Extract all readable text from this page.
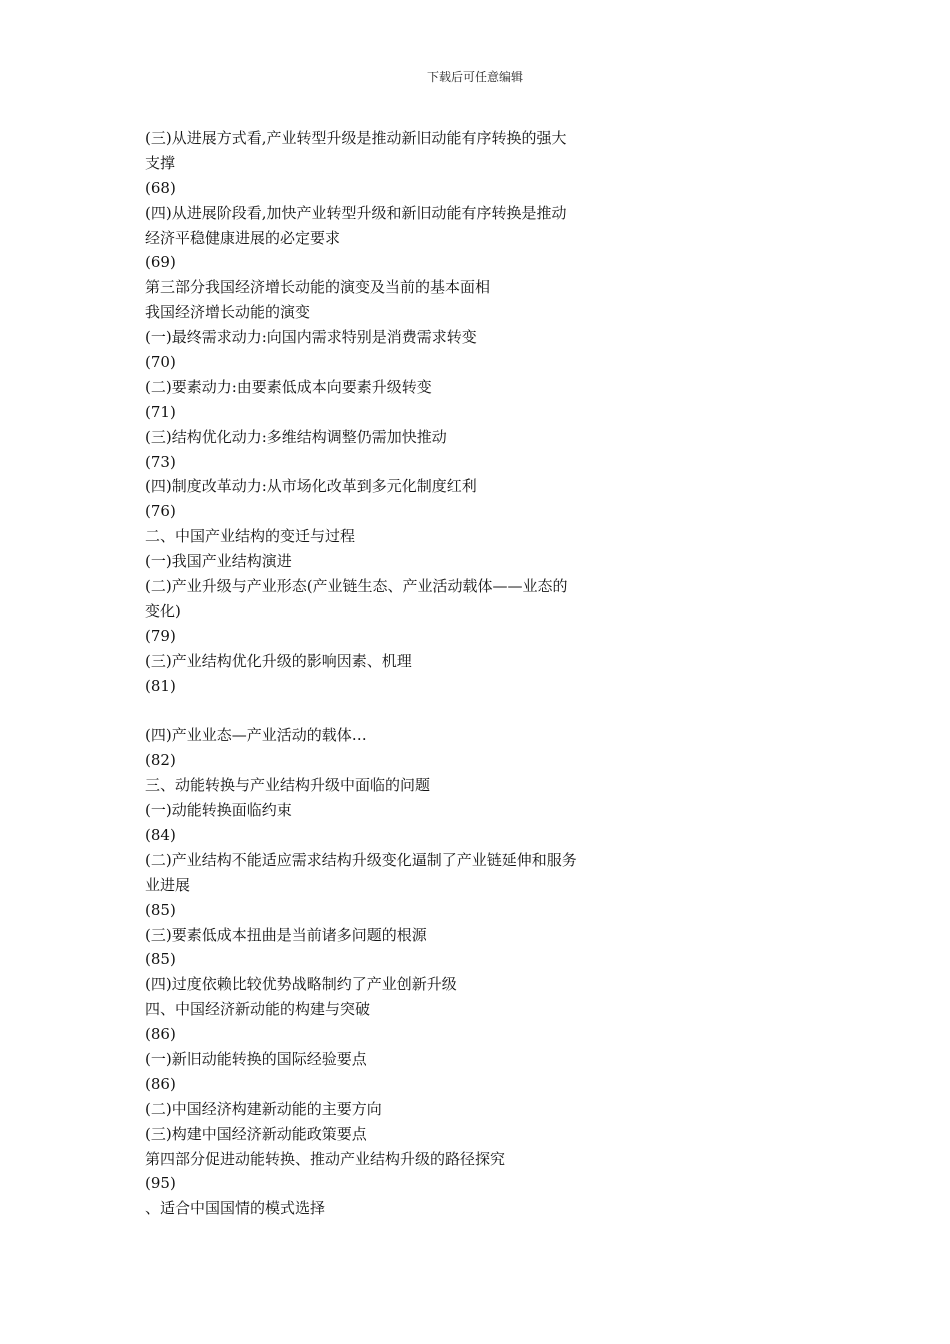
下载后可任意编辑
(三)从进展方式看,产业转型升级是推动新旧动能有序转换的强大
支撑
(68)
(四)从进展阶段看,加快产业转型升级和新旧动能有序转换是推动
经济平稳健康进展的必定要求
(69)
第三部分我国经济增长动能的演变及当前的基本面相
我国经济增长动能的演变
(一)最终需求动力:向国内需求特别是消费需求转变
(70)
(二)要素动力:由要素低成本向要素升级转变
(71)
(三)结构优化动力:多维结构调整仍需加快推动
(73)
(四)制度改革动力:从市场化改革到多元化制度红利
(76)
二、中国产业结构的变迁与过程
(一)我国产业结构演进
(二)产业升级与产业形态(产业链生态、产业活动载体——业态的
变化)
(79)
(三)产业结构优化升级的影响因素、机理
(81)
(四)产业业态—产业活动的载体…
(82)
三、动能转换与产业结构升级中面临的问题
(一)动能转换面临约束
(84)
(二)产业结构不能适应需求结构升级变化逼制了产业链延伸和服务
业进展
(85)
(三)要素低成本扭曲是当前诸多问题的根源
(85)
(四)过度依赖比较优势战略制约了产业创新升级
四、中国经济新动能的构建与突破
(86)
(一)新旧动能转换的国际经验要点
(86)
(二)中国经济构建新动能的主要方向
(三)构建中国经济新动能政策要点
第四部分促进动能转换、推动产业结构升级的路径探究
(95)
、适合中国国情的模式选择
